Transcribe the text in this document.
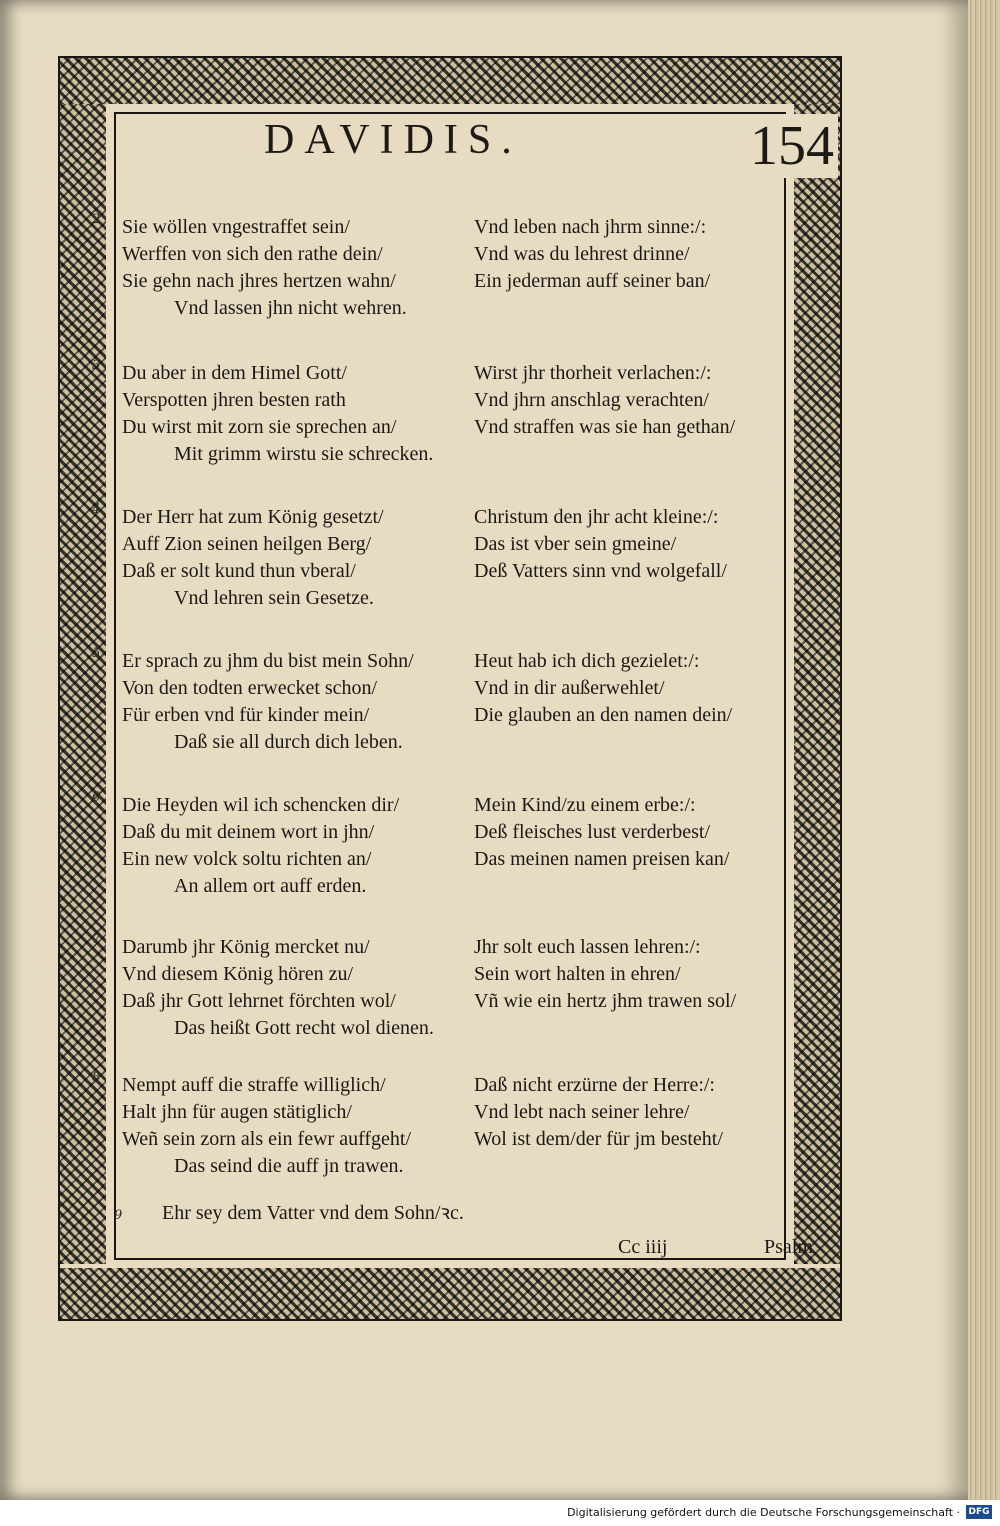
DAVIDIS.	154
2 Sie wöllen vngestraffet sein/	Vnd leben nach jhrm sinne:/:
Werffen von sich den rathe dein/	Vnd was du lehrest drinne/
Sie gehn nach jhres hertzen wahn/	Ein jederman auff seiner ban/
Vnd lassen jhn nicht wehren.
3 Du aber in dem Himel Gott/	Wirst jhr thorheit verlachen:/:
Verspotten jhren besten rath	Vnd jhrn anschlag verachten/
Du wirst mit zorn sie sprechen an/	Vnd straffen was sie han gethan/
Mit grimm wirstu sie schrecken.
4 Der Herr hat zum König gesetzt/	Christum den jhr acht kleine:/:
Auff Zion seinen heilgen Berg/	Das ist vber sein gmeine/
Daß er solt kund thun vberal/	Deß Vatters sinn vnd wolgefall/
Vnd lehren sein Gesetze.
5 Er sprach zu jhm du bist mein Sohn/	Heut hab ich dich gezielet:/:
Von den todten erwecket schon/	Vnd in dir außerwehlet/
Für erben vnd für kinder mein/	Die glauben an den namen dein/
Daß sie all durch dich leben.
6 Die Heyden wil ich schencken dir/	Mein Kind/zu einem erbe:/:
Daß du mit deinem wort in jhn/	Deß fleisches lust verderbest/
Ein new volck soltu richten an/	Das meinen namen preisen kan/
An allem ort auff erden.
7 Darumb jhr König mercket nu/	Jhr solt euch lassen lehren:/:
Vnd diesem König hören zu/	Sein wort halten in ehren/
Daß jhr Gott lehrnet förchten wol/	Vñ wie ein hertz jhm trawen sol/
Das heißt Gott recht wol dienen.
8 Nempt auff die straffe williglich/	Daß nicht erzürne der Herre:/:
Halt jhn für augen stätiglich/	Vnd lebt nach seiner lehre/
Weñ sein zorn als ein fewr auffgeht/	Wol ist dem/der für jm besteht/
Das seind die auff jn trawen.
9 Ehr sey dem Vatter vnd dem Sohn/ꝛc.
Cc iiij	Psalm
Digitalisierung gefördert durch die Deutsche Forschungsgemeinschaft · DFG
